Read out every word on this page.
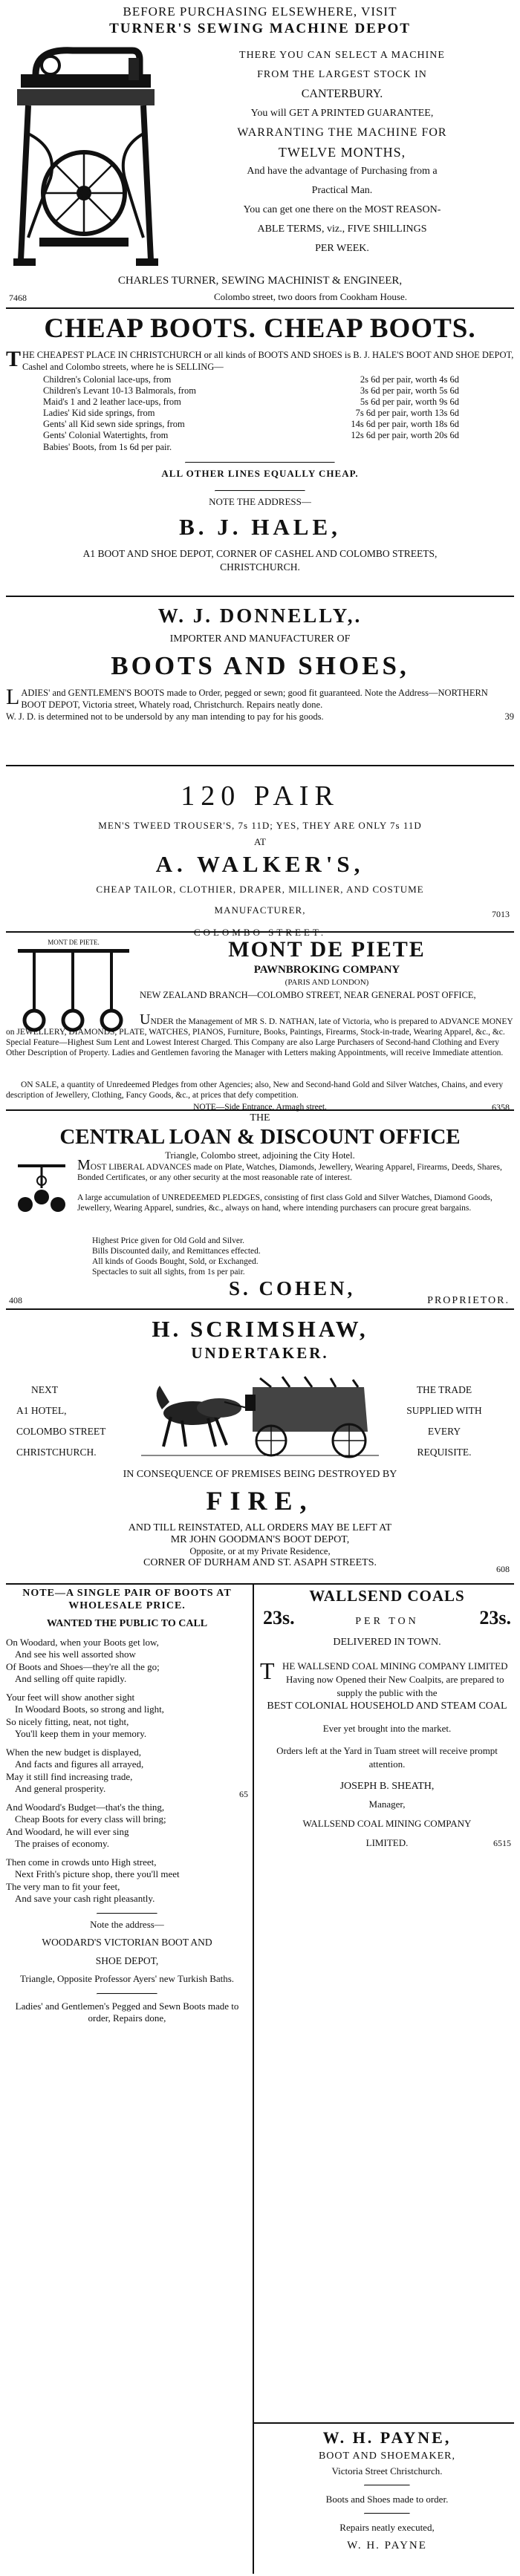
BEFORE PURCHASING ELSEWHERE, VISIT

TURNER'S SEWING MACHINE DEPOT

THERE YOU CAN SELECT A MACHINE

FROM THE LARGEST STOCK IN

CANTERBURY.

You will GET A PRINTED GUARANTEE,

WARRANTING THE MACHINE FOR

TWELVE MONTHS,

And have the advantage of Purchasing from a

Practical Man.

You can get one there on the MOST REASON-

ABLE TERMS, viz., FIVE SHILLINGS

PER WEEK.

CHARLES TURNER, SEWING MACHINIST & ENGINEER,

7468	Colombo street, two doors from Cookham House.

CHEAP BOOTS. CHEAP BOOTS.

T HE CHEAPEST PLACE IN CHRISTCHURCH or all kinds of BOOTS AND SHOES is B. J. HALE'S BOOT AND SHOE DEPOT, Cashel and Colombo streets, where he is SELLING—

Children's Colonial lace-ups, from	2s 6d per pair, worth 4s 6d
Children's Levant 10-13 Balmorals, from	3s 6d per pair, worth 5s 6d
Maid's 1 and 2 leather lace-ups, from	5s 6d per pair, worth 9s 6d
Ladies' Kid side springs, from	7s 6d per pair, worth 13s 6d
Gents' all Kid sewn side springs, from	14s 6d per pair, worth 18s 6d
Gents' Colonial Watertights, from	12s 6d per pair, worth 20s 6d

Babies' Boots, from 1s 6d per pair.

ALL OTHER LINES EQUALLY CHEAP.

NOTE THE ADDRESS—

B. J. HALE,

A1 BOOT AND SHOE DEPOT, CORNER OF CASHEL AND COLOMBO STREETS,

CHRISTCHURCH.

W. J. DONNELLY,.

IMPORTER AND MANUFACTURER OF

BOOTS AND SHOES,

L ADIES' and GENTLEMEN'S BOOTS made to Order, pegged or sewn; good fit guaranteed. Note the Address—NORTHERN BOOT DEPOT, Victoria street, Whately road, Christchurch. Repairs neatly done.

W. J. D. is determined not to be undersold by any man intending to pay for his goods.	39

120 PAIR

MEN'S TWEED TROUSER'S, 7s 11D; YES, THEY ARE ONLY 7s 11D

AT

A. WALKER'S,

CHEAP TAILOR, CLOTHIER, DRAPER, MILLINER, AND COSTUME

MANUFACTURER,

COLOMBO STREET.

7013

MONT DE PIETE.	MONT DE PIETE

PAWNBROKING COMPANY

(PARIS AND LONDON)

NEW ZEALAND BRANCH—COLOMBO STREET, NEAR GENERAL POST OFFICE,

UNDER the Management of MR S. D. NATHAN, late of Victoria, who is prepared to ADVANCE MONEY on JEWELLERY, DIAMONDS, PLATE, WATCHES, PIANOS, Furniture, Books, Paintings, Firearms, Stock-in-trade, Wearing Apparel, &c., &c. Special Feature—Highest Sum Lent and Lowest Interest Charged. This Company are also Large Purchasers of Second-hand Clothing and Every Other Description of Property. Ladies and Gentlemen favoring the Manager with Letters making Appointments, will receive Immediate attention.

ON SALE, a quantity of Unredeemed Pledges from other Agencies; also, New and Second-hand Gold and Silver Watches, Chains, and every description of Jewellery, Clothing, Fancy Goods, &c., at prices that defy competition.

NOTE—Side Entrance, Armagh street.	6358

THE

CENTRAL LOAN & DISCOUNT OFFICE

Triangle, Colombo street, adjoining the City Hotel.

MOST LIBERAL ADVANCES made on Plate, Watches, Diamonds, Jewellery, Wearing Apparel, Firearms, Deeds, Shares, Bonded Certificates, or any other security at the most reasonable rate of interest.

A large accumulation of UNREDEEMED PLEDGES, consisting of first class Gold and Silver Watches, Diamond Goods, Jewellery, Wearing Apparel, sundries, &c., always on hand, where intending purchasers can procure great bargains.

Highest Price given for Old Gold and Silver.

Bills Discounted daily, and Remittances effected.

All kinds of Goods Bought, Sold, or Exchanged.

Spectacles to suit all sights, from 1s per pair.

S. COHEN,

408	PROPRIETOR.

H. SCRIMSHAW,

UNDERTAKER.

NEXT

A1 HOTEL,

COLOMBO STREET

CHRISTCHURCH.

THE TRADE

SUPPLIED WITH

EVERY

REQUISITE.

IN CONSEQUENCE OF PREMISES BEING DESTROYED BY

FIRE,

AND TILL REINSTATED, ALL ORDERS MAY BE LEFT AT

MR JOHN GOODMAN'S BOOT DEPOT,

Opposite, or at my Private Residence,

CORNER OF DURHAM AND ST. ASAPH STREETS.

608

NOTE—A SINGLE PAIR OF BOOTS AT WHOLESALE PRICE.

WANTED THE PUBLIC TO CALL

On Woodard, when your Boots get low,

And see his well assorted show

Of Boots and Shoes—they're all the go;

And selling off quite rapidly.

Your feet will show another sight

In Woodard Boots, so strong and light,

So nicely fitting, neat, not tight,

You'll keep them in your memory.

When the new budget is displayed,

And facts and figures all arrayed,

May it still find increasing trade,

And general prosperity.

And Woodard's Budget—that's the thing,

Cheap Boots for every class will bring;

And Woodard, he will ever sing

The praises of economy.

Then come in crowds unto High street,

Next Frith's picture shop, there you'll meet

The very man to fit your feet,

And save your cash right pleasantly.

Note the address—

WOODARD'S VICTORIAN BOOT AND

SHOE DEPOT,

Triangle, Opposite Professor Ayers' new Turkish Baths.

Ladies' and Gentlemen's Pegged and Sewn Boots made to order, Repairs done,

65

WALLSEND COALS

23s.	PER TON	23s.

DELIVERED IN TOWN.

T HE WALLSEND COAL MINING COMPANY LIMITED Having now Opened their New Coalpits, are prepared to supply the public with the

BEST COLONIAL HOUSEHOLD AND STEAM COAL

Ever yet brought into the market.

Orders left at the Yard in Tuam street will receive prompt attention.

JOSEPH B. SHEATH,

Manager,

WALLSEND COAL MINING COMPANY

LIMITED.	6515

W. H. PAYNE,

BOOT AND SHOEMAKER,

Victoria Street Christchurch.

Boots and Shoes made to order.

Repairs neatly executed,

W. H. PAYNE
